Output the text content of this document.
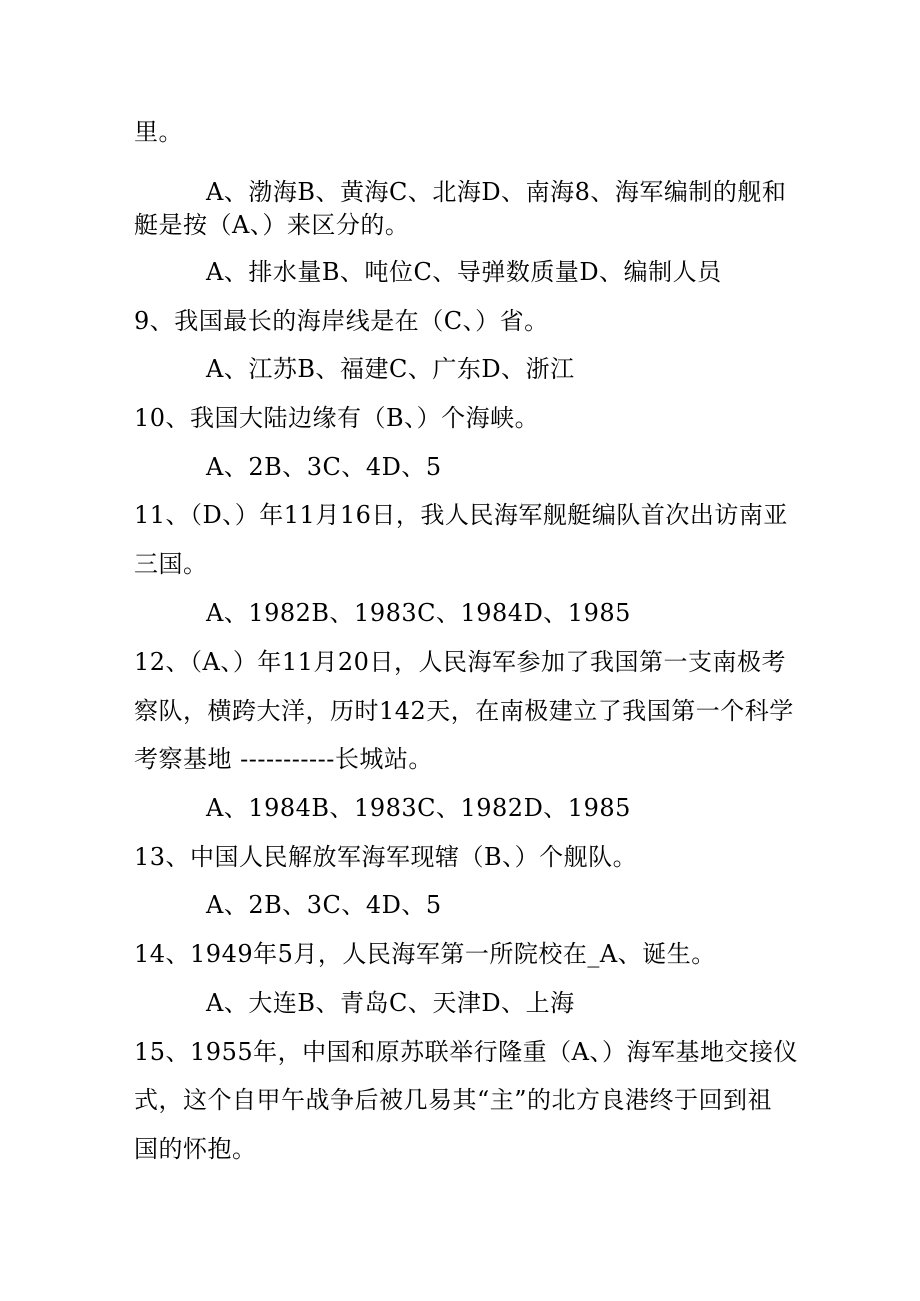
里。
A、渤海B、黄海C、北海D、南海8、海军编制的舰和
艇是按（A、）来区分的。
A、排水量B、吨位C、导弹数质量D、编制人员
9、我国最长的海岸线是在（C、）省。
A、江苏B、福建C、广东D、浙江
10、我国大陆边缘有（B、）个海峡。
A、2B、3C、4D、5
11、（D、）年11月16日，我人民海军舰艇编队首次出访南亚
三国。
A、1982B、1983C、1984D、1985
12、（A、）年11月20日，人民海军参加了我国第一支南极考
察队，横跨大洋，历时142天，在南极建立了我国第一个科学
考察基地 -----------长城站。
A、1984B、1983C、1982D、1985
13、中国人民解放军海军现辖（B、）个舰队。
A、2B、3C、4D、5
14、1949年5月，人民海军第一所院校在_A、诞生。
A、大连B、青岛C、天津D、上海
15、1955年，中国和原苏联举行隆重（A、）海军基地交接仪
式，这个自甲午战争后被几易其“主”的北方良港终于回到祖
国的怀抱。
